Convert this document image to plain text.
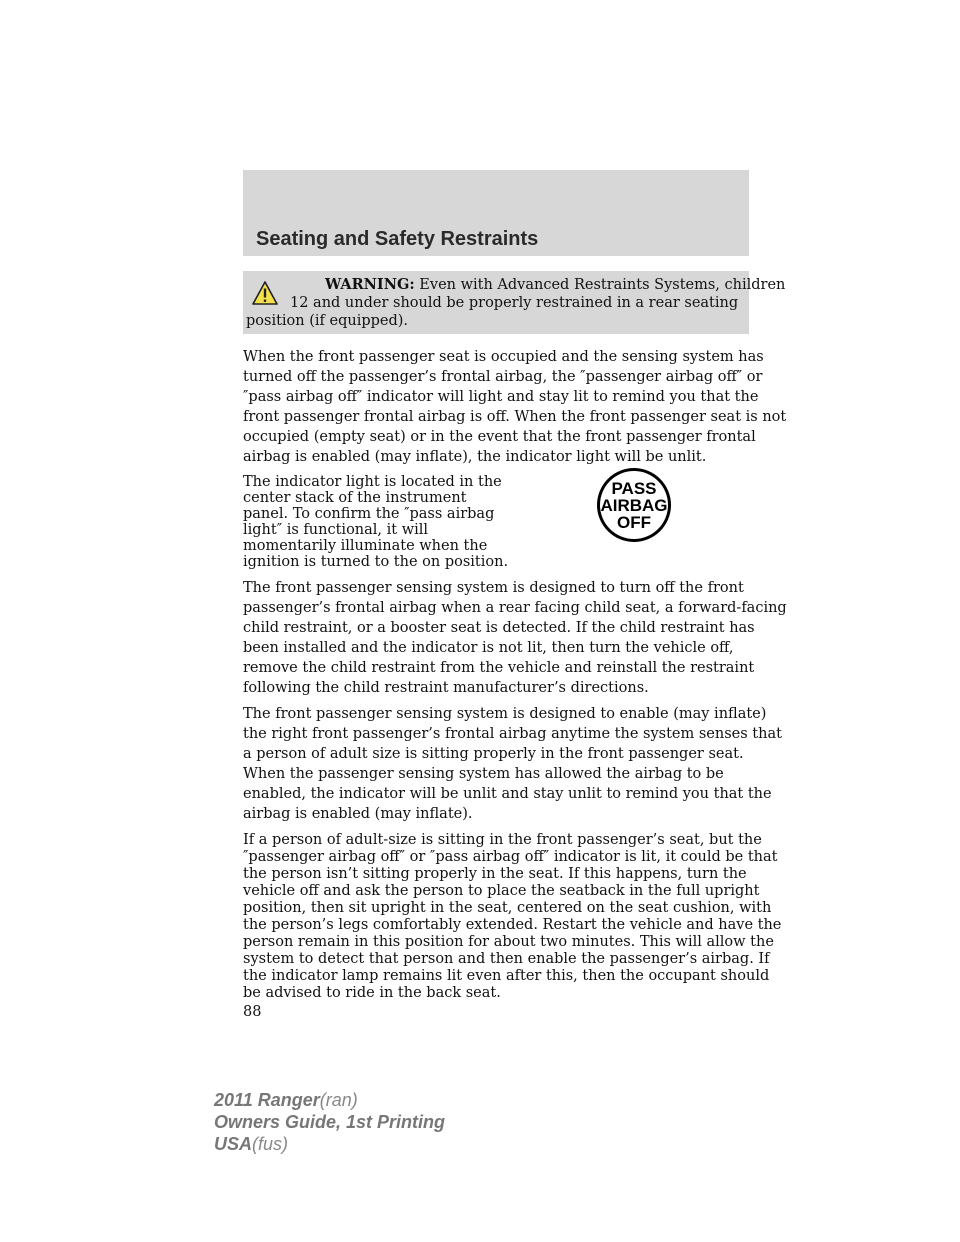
Seating and Safety Restraints
WARNING: Even with Advanced Restraints Systems, children
12 and under should be properly restrained in a rear seating
position (if equipped).
When the front passenger seat is occupied and the sensing system has
turned off the passenger’s frontal airbag, the ″passenger airbag off″ or
″pass airbag off″ indicator will light and stay lit to remind you that the
front passenger frontal airbag is off. When the front passenger seat is not
occupied (empty seat) or in the event that the front passenger frontal
airbag is enabled (may inflate), the indicator light will be unlit.
The indicator light is located in the
center stack of the instrument
panel. To confirm the ″pass airbag
light″ is functional, it will
momentarily illuminate when the
ignition is turned to the on position.
PASS
AIRBAG
OFF
The front passenger sensing system is designed to turn off the front
passenger’s frontal airbag when a rear facing child seat, a forward-facing
child restraint, or a booster seat is detected. If the child restraint has
been installed and the indicator is not lit, then turn the vehicle off,
remove the child restraint from the vehicle and reinstall the restraint
following the child restraint manufacturer’s directions.
The front passenger sensing system is designed to enable (may inflate)
the right front passenger’s frontal airbag anytime the system senses that
a person of adult size is sitting properly in the front passenger seat.
When the passenger sensing system has allowed the airbag to be
enabled, the indicator will be unlit and stay unlit to remind you that the
airbag is enabled (may inflate).
If a person of adult-size is sitting in the front passenger’s seat, but the
″passenger airbag off″ or ″pass airbag off″ indicator is lit, it could be that
the person isn’t sitting properly in the seat. If this happens, turn the
vehicle off and ask the person to place the seatback in the full upright
position, then sit upright in the seat, centered on the seat cushion, with
the person’s legs comfortably extended. Restart the vehicle and have the
person remain in this position for about two minutes. This will allow the
system to detect that person and then enable the passenger’s airbag. If
the indicator lamp remains lit even after this, then the occupant should
be advised to ride in the back seat.
88
2011 Ranger(ran)
Owners Guide, 1st Printing
USA(fus)
